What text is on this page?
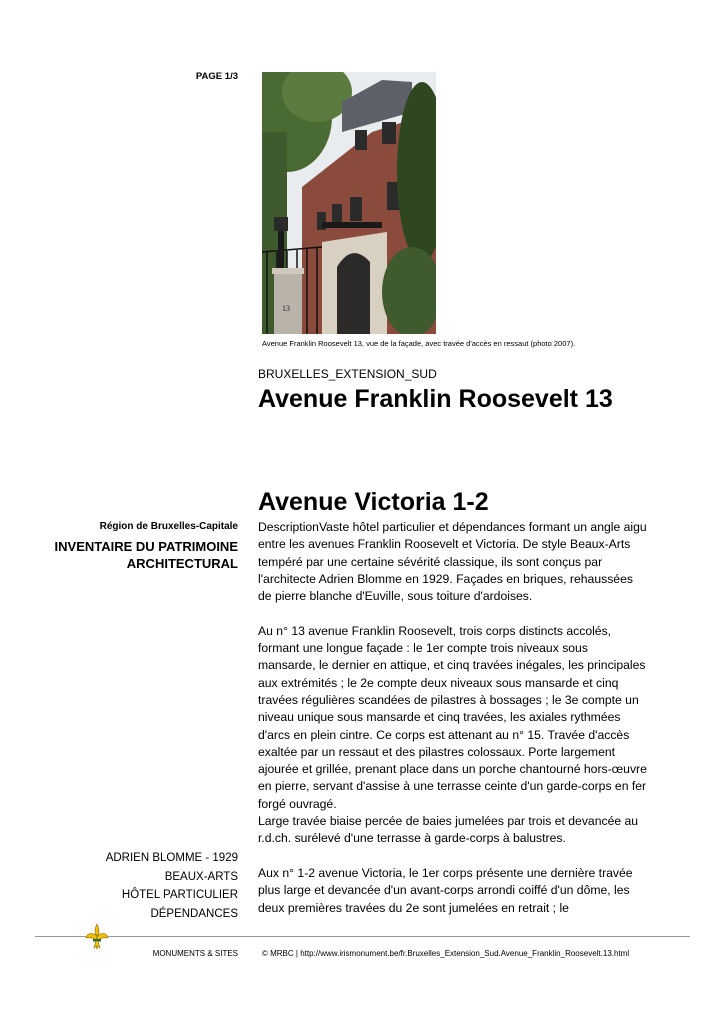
PAGE 1/3
13
Avenue Franklin Roosevelt 13, vue de la façade, avec travée d'accès en ressaut (photo 2007).
BRUXELLES_EXTENSION_SUD
Avenue Franklin Roosevelt 13
Avenue Victoria 1-2
Région de Bruxelles-Capitale
INVENTAIRE DU PATRIMOINE ARCHITECTURAL

DescriptionVaste hôtel particulier et dépendances formant un angle aigu entre les avenues Franklin Roosevelt et Victoria. De style Beaux-Arts tempéré par une certaine sévérité classique, ils sont conçus par l'architecte Adrien Blomme en 1929. Façades en briques, rehaussées de pierre blanche d'Euville, sous toiture d'ardoises.

Au n° 13 avenue Franklin Roosevelt, trois corps distincts accolés, formant une longue façade : le 1er compte trois niveaux sous mansarde, le dernier en attique, et cinq travées inégales, les principales aux extrémités ; le 2e compte deux niveaux sous mansarde et cinq travées régulières scandées de pilastres à bossages ; le 3e compte un niveau unique sous mansarde et cinq travées, les axiales rythmées d'arcs en plein cintre. Ce corps est attenant au n° 15. Travée d'accès exaltée par un ressaut et des pilastres colossaux. Porte largement ajourée et grillée, prenant place dans un porche chantourné hors-œuvre en pierre, servant d'assise à une terrasse ceinte d'un garde-corps en fer forgé ouvragé.

Large travée biaise percée de baies jumelées par trois et devancée au r.d.ch. surélevé d'une terrasse à garde-corps à balustres.

Aux n° 1-2 avenue Victoria, le 1er corps présente une dernière travée plus large et devancée d'un avant-corps arrondi coiffé d'un dôme, les deux premières travées du 2e sont jumelées en retrait ; le

ADRIEN BLOMME - 1929
BEAUX-ARTS
HÔTEL PARTICULIER
DÉPENDANCES
MONUMENTS & SITES	© MRBC | http://www.irismonument.be/fr.Bruxelles_Extension_Sud.Avenue_Franklin_Roosevelt.13.html
